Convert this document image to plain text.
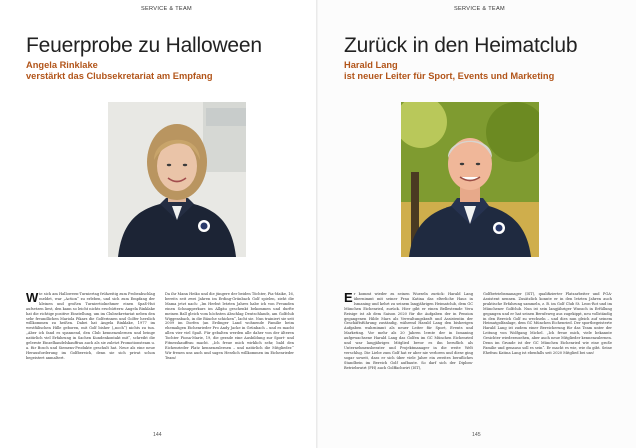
SERVICE & TEAM
Feuerprobe zu Halloween
Angela Rinklake
verstärkt das Clubsekretariat am Empfang
Wie sich am Halloween-Turniertag frühzeitig zum Probeabschlag meldet, war „Action“ zu erleben, und sich zum Empfang der kleinen und großen Turniertiolnehmer einen Spaß-Hut aufsetzen liest, den kann so leicht nichts erschüttern: Angela Rinklake hat die richtige positive Einstellung, um im Clubsekretariat neben den sehr freundlichen Mariola Pikarz die Golferinnen und Golfer herzlich willkommen zu heißen. Dabei hat Angela Rinklake, 1977 im westfälischen Hille geboren, mit Golf bisher („noch“) nichts zu tun. „Aber ich fand es spannend, den Club kennenzulernen und bringe natürlich viel Erfahrung in Sachen Kundenkontakt mit“, schreibt die gelernte Einzelhandelskauffrau auch als sie zuletzt Promotionsteam u. a. für Bosch und Siemens-Produkte geschult hat. Neue als eine neue Herausforderung im Golfbereich, denn sie sich privat schon begeistert anmaltert.
Da ihr Mann Heiko und die jüngere der beiden Töchter, Pia-Maike, 16, bereits seit zwei Jahren im Erding-Grünbach Golf spielen, zieht die Mama jetzt nach: „Im Herbst letzten Jahres habe ich von Freunden einen Schnupperkurs im Allgäu geschenkt bekommen und durfte meinen Ball gleich vom höchsten Abschlag Deutschlands, am Golfclub Wiggensbach, in die Bäuche schicken“, lacht sie. Nun trainiert sie seit 2009 im Dorfen (an Erdinger Land wohnende Familie beim ehemaligen Eichenrieder Pro Andy Jacke in Grünbach – und es macht allen vier viel Spaß. Für gebalten werden alle daher von der älteren Tochter Fiona-Marie, 19, die gerade eine Ausbildung zur Sport- und Fitnesskauffrau macht. „Ich freue mich wirklich sehr, bald den Eichenrieder Platz kennenzulernen – und natürlich die Mitglieder.“ Wir freuen uns auch und sagen Herzlich willkommen im Eichenrieder Team!
144
SERVICE & TEAM
Zurück in den Heimatclub
Harald Lang
ist neuer Leiter für Sport, Events und Marketing
Er kommt wieder zu seinen Wurzeln zurück: Harald Lang übernimmt mit seiner Frau Katina das elterliche Haus in Ismaning und kehrt zu seinem langjährigen Heimatclub, dem GC München Eichenried, zurück. Hier gibt er einen Bellestemde Vera Reisige ist ab dem Saison 2020 für die Aufgaben der in Pension gegangenen Hilde Mars als Verwaltungskraft und Assistentin der Geschäftsführung zuständig, während Harald Lang den bisherigen Aufgaben wahrnimmt als neuer Leiter für Sport, Events und Marketing. Vor mehr als 20 Jahren lernte der in Ismaning aufgewachsene Harald Lang das Golfen im GC München Eichenried und war langjähriges Mitglied bevor es ihn beruflich als Unternehmensberater und Projektmanager in die weite Welt verschlug. Die Liebe zum Golf hat er aber nie verloren und diese ging sogar soweit, dass er sich über viele Jahre ein zweites berufliches Standbein im Bereich Golf aufbaute. So darf sich der Diplom-Betriebswirt (FH) auch Golffachwirt (IST),
Golfbetriebsmanager (IST), qualifizierter Platzarbeiter und PGA-Assistent nennen. Zusätzlich konnte er in den letzten Jahren auch praktische Erfahrung sammeln, z. B. im Golf Club St. Leon-Rot und im Münchener Golfclub. Nun ist sein langjähriger Wunsch in Erfüllung gegangen und er hat seinen Berufsweg aus zugekippt, neu vollständig in den Bereich Golf zu wechseln – und dies nun gleich auf seinem Heimatgolfanlage, dem GC München Eichenried. Der sportbegeisterte Harald Lang ist zudem einer Bereicherung für das Team unter der Leitung von Wolfgang Michel. „Ich freue mich, viele bekannte Gesichter wiederzusehen, aber auch neue Mitglieder kennenzulernen. Denn im Grunde ist der GC München Eichenried wie eine große Familie und genauso soll es sein“. Er macht es wie, wie du gibt. Seine Ehefrau Katina Lang ist ebenfalls seit 2020 Mitglied bei uns!
145
